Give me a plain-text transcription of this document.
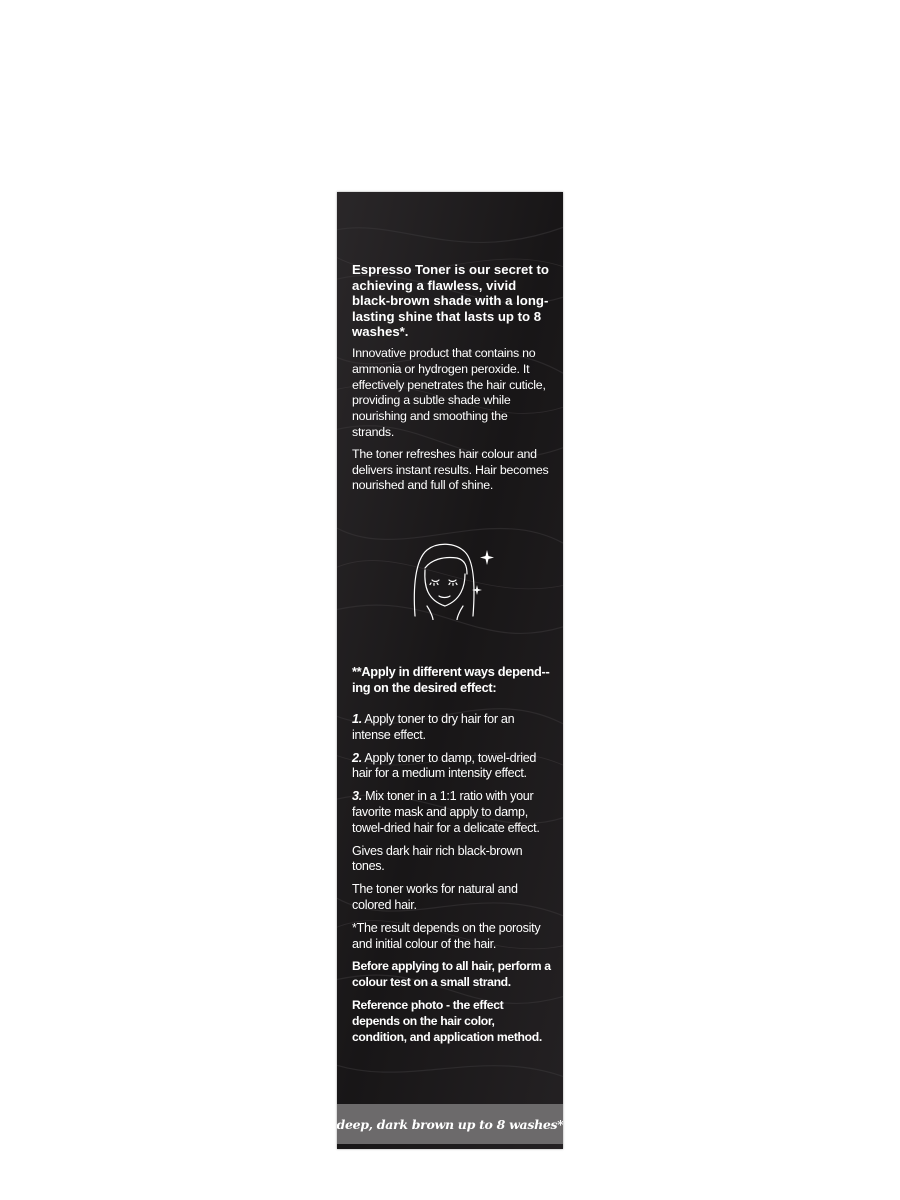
Espresso Toner is our secret to achieving a flawless, vivid black-brown shade with a long-lasting shine that lasts up to 8 washes*.

Innovative product that contains no ammonia or hydrogen peroxide. It effectively penetrates the hair cuticle, providing a subtle shade while nourishing and smoothing the strands.

The toner refreshes hair colour and delivers instant results. Hair becomes nourished and full of shine.

**Apply in different ways depend--ing on the desired effect:

1. Apply toner to dry hair for an intense effect.

2. Apply toner to damp, towel-dried hair for a medium intensity effect.

3. Mix toner in a 1:1 ratio with your favorite mask and apply to damp, towel-dried hair for a delicate effect.

Gives dark hair rich black-brown tones.

The toner works for natural and colored hair.

*The result depends on the porosity and initial colour of the hair.

Before applying to all hair, perform a colour test on a small strand.

Reference photo - the effect depends on the hair color, condition, and application method.

deep, dark brown up to 8 washes*
